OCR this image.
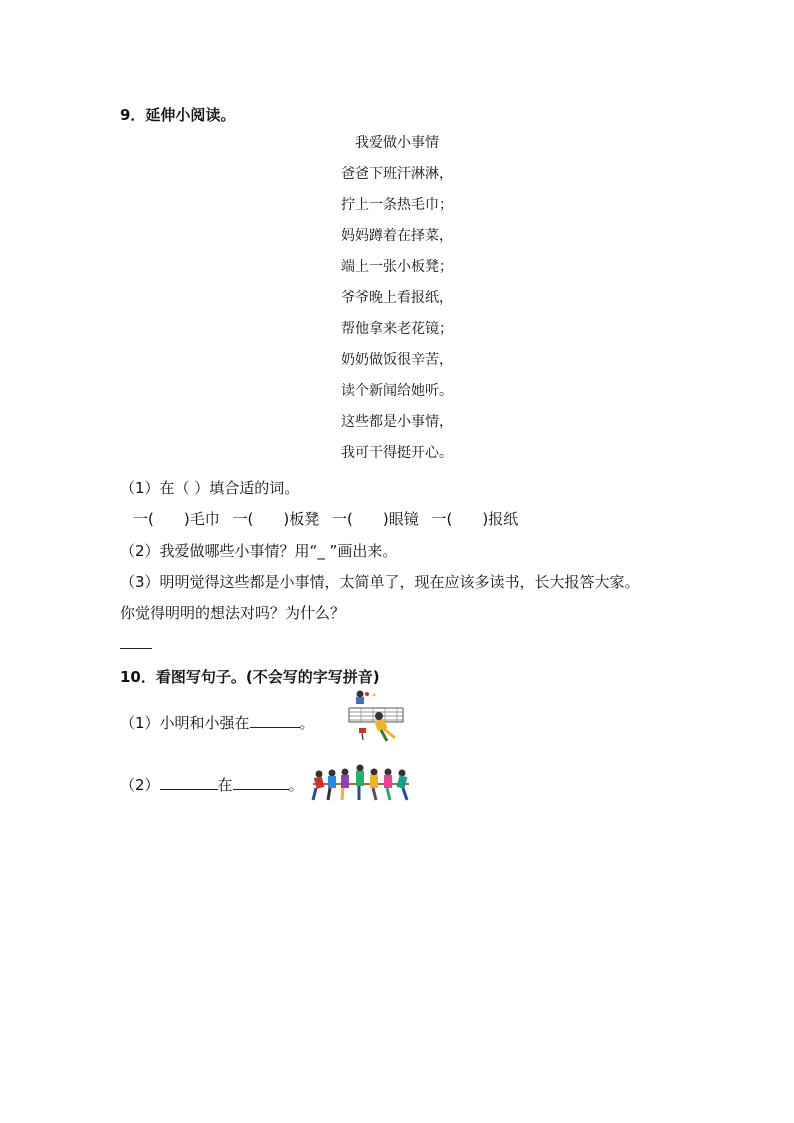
9．延伸小阅读。
我爱做小事情
爸爸下班汗淋淋，
拧上一条热毛巾；
妈妈蹲着在择菜，
端上一张小板凳；
爷爷晚上看报纸，
帮他拿来老花镜；
奶奶做饭很辛苦，
读个新闻给她听。
这些都是小事情，
我可干得挺开心。
（1）在（ ）填合适的词。
一(　　)毛巾 一(　　)板凳 一(　　)眼镜 一(　　)报纸
（2）我爱做哪些小事情？用“_ ”画出来。
（3）明明觉得这些都是小事情，太简单了，现在应该多读书，长大报答大家。
你觉得明明的想法对吗？为什么？
10．看图写句子。(不会写的字写拼音)
（1）小明和小强在	。
（2）	在	。
